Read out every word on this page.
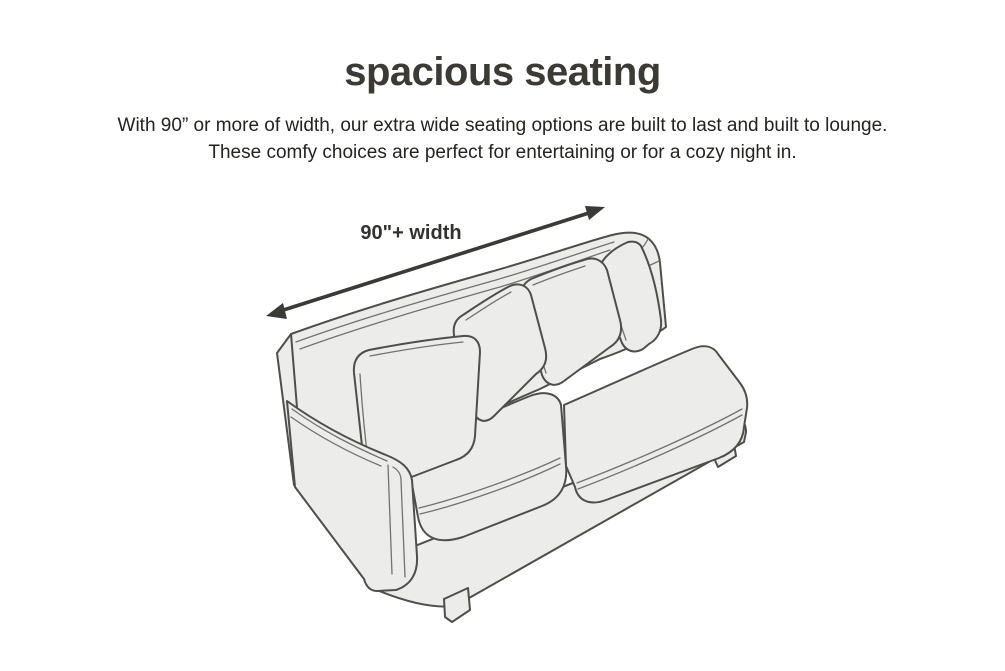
spacious seating

With 90” or more of width, our extra wide seating options are built to last and built to lounge.
These comfy choices are perfect for entertaining or for a cozy night in.

90"+ width
